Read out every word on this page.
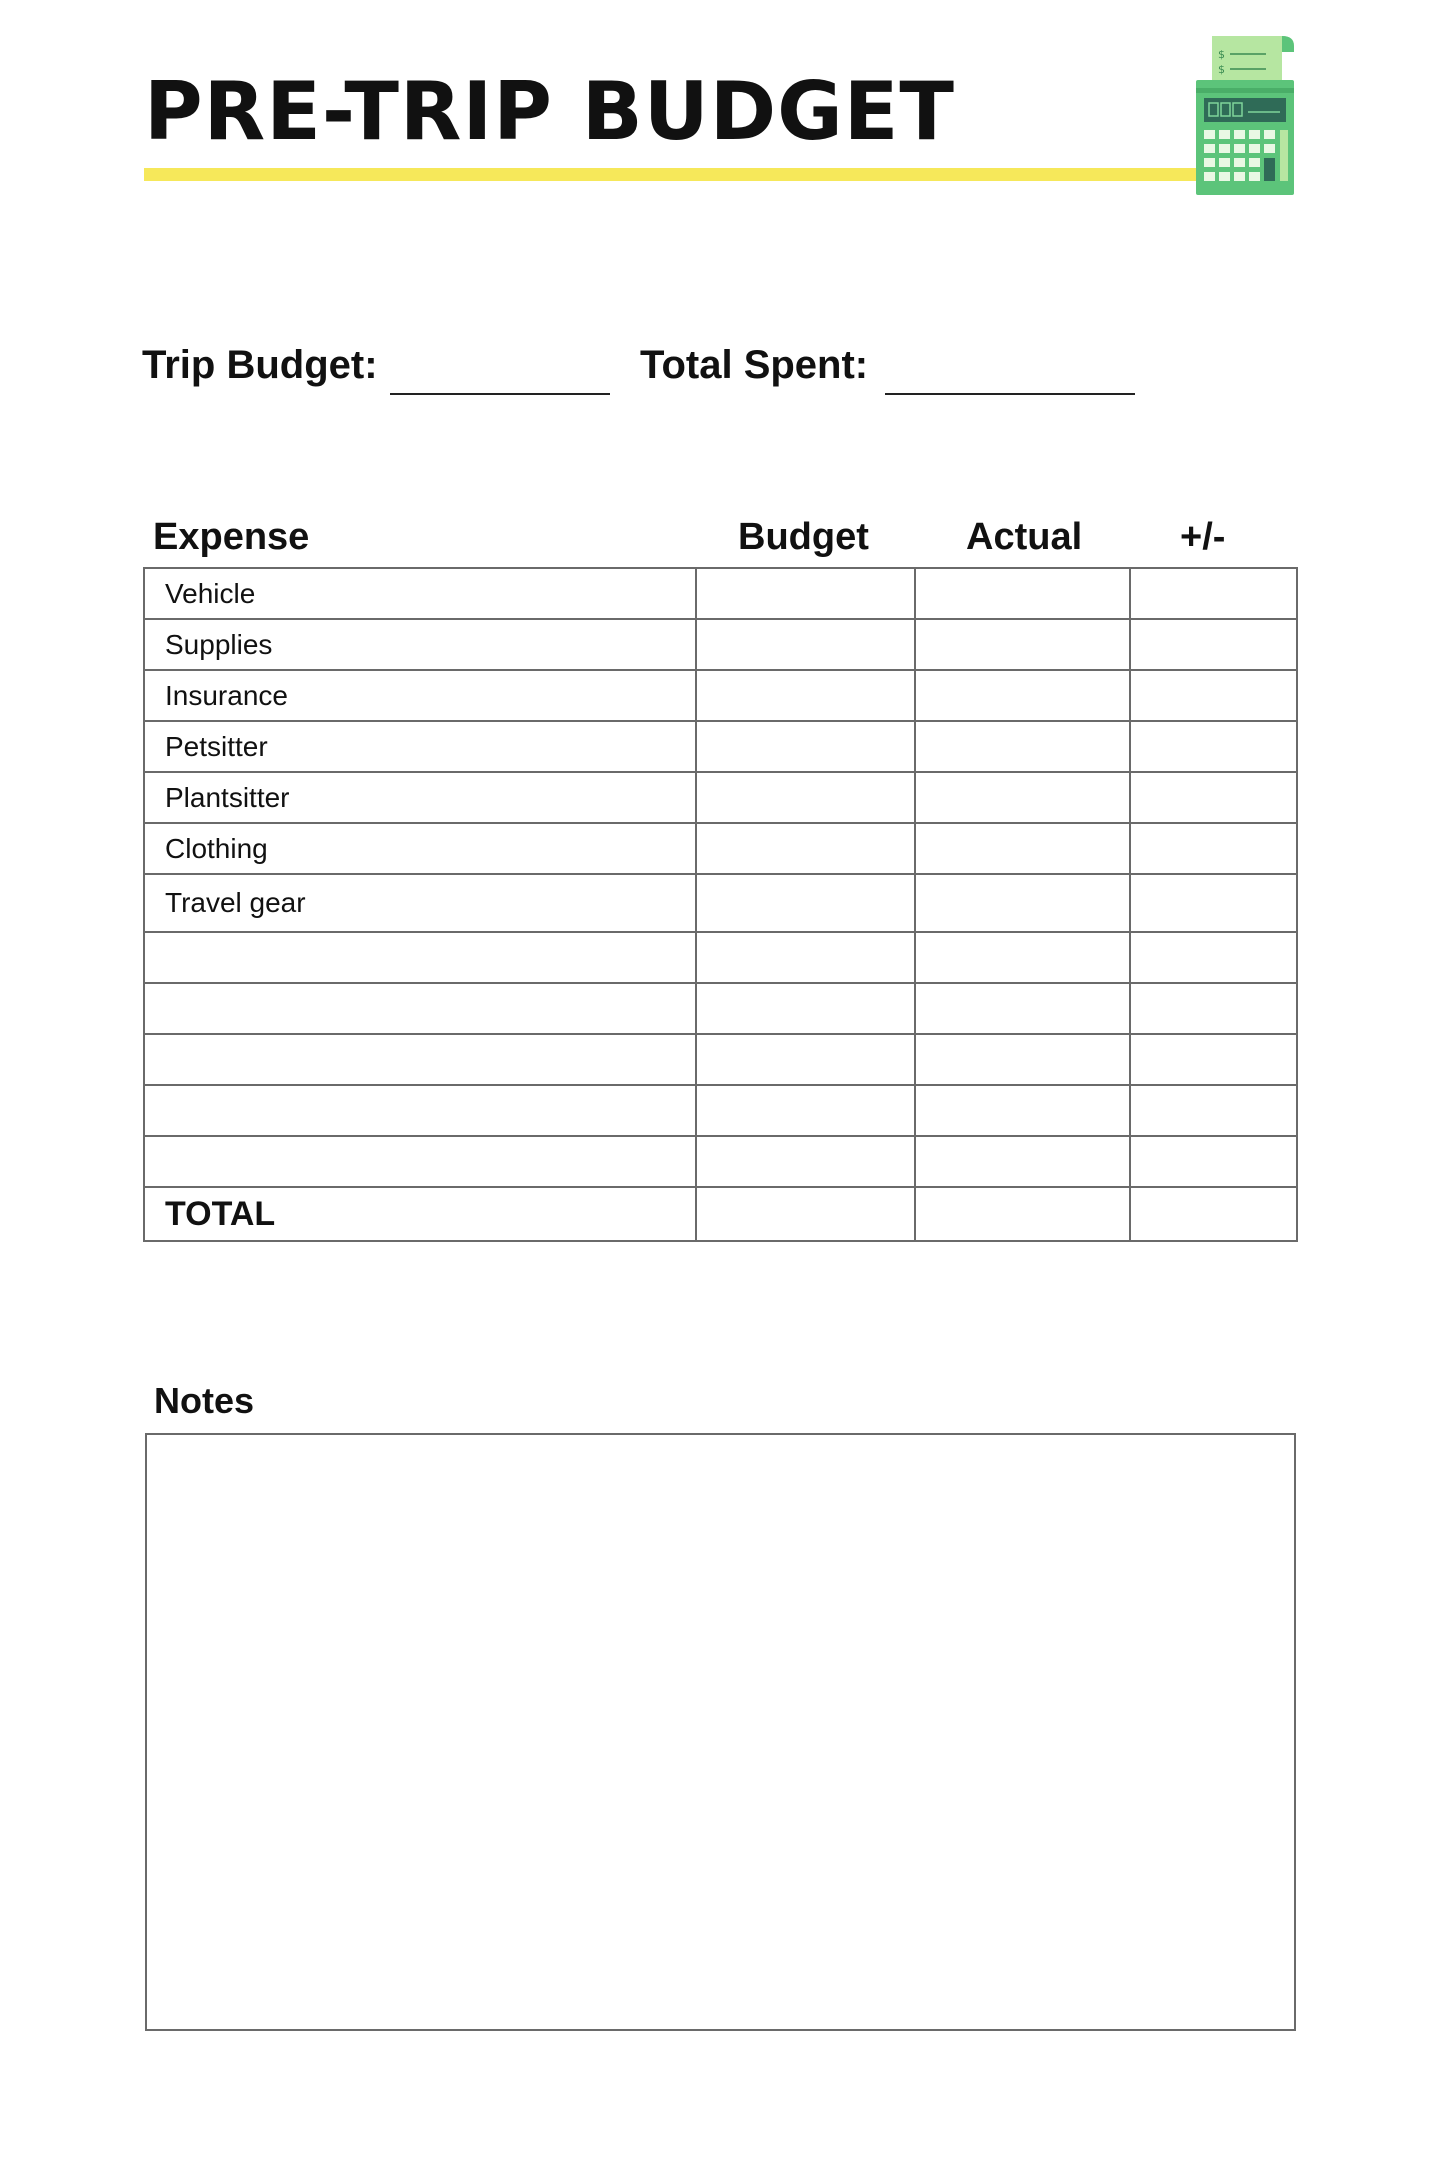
PRE-TRIP BUDGET
$
$
Trip Budget:	Total Spent:
Expense	Budget	Actual	+/-
Vehicle			
Supplies			
Insurance			
Petsitter			
Plantsitter			
Clothing			
Travel gear			

TOTAL			
Notes
